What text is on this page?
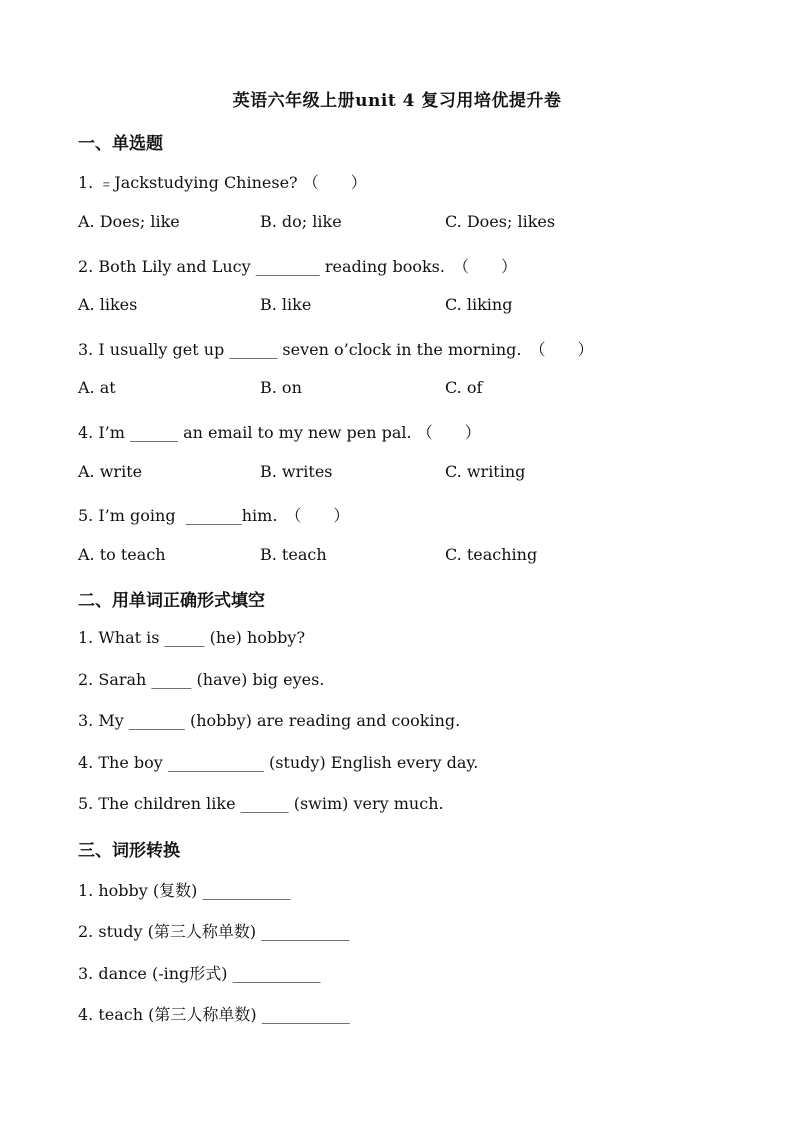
英语六年级上册unit 4 复习用培优提升卷
一、单选题
1. ﹦Jackstudying Chinese? （　　）
A. Does; like	B. do; like	C. Does; likes
2. Both Lily and Lucy ________ reading books.　（　　）
A. likes	B. like	C. liking
3. I usually get up ______ seven o’clock in the morning.　（　　）
A. at	B. on	C. of
4. I’m ______ an email to my new pen pal. （　　）
A. write	B. writes	C. writing
5. I’m going  _______him.　（　　）
A. to teach	B. teach	C. teaching
二、用单词正确形式填空
1. What is _____ (he) hobby?
2. Sarah _____ (have) big eyes.
3. My _______ (hobby) are reading and cooking.
4. The boy ____________ (study) English every day.
5. The children like ______ (swim) very much.
三、词形转换
1. hobby (复数) ___________
2. study (第三人称单数) ___________
3. dance (-ing形式) ___________
4. teach (第三人称单数) ___________
